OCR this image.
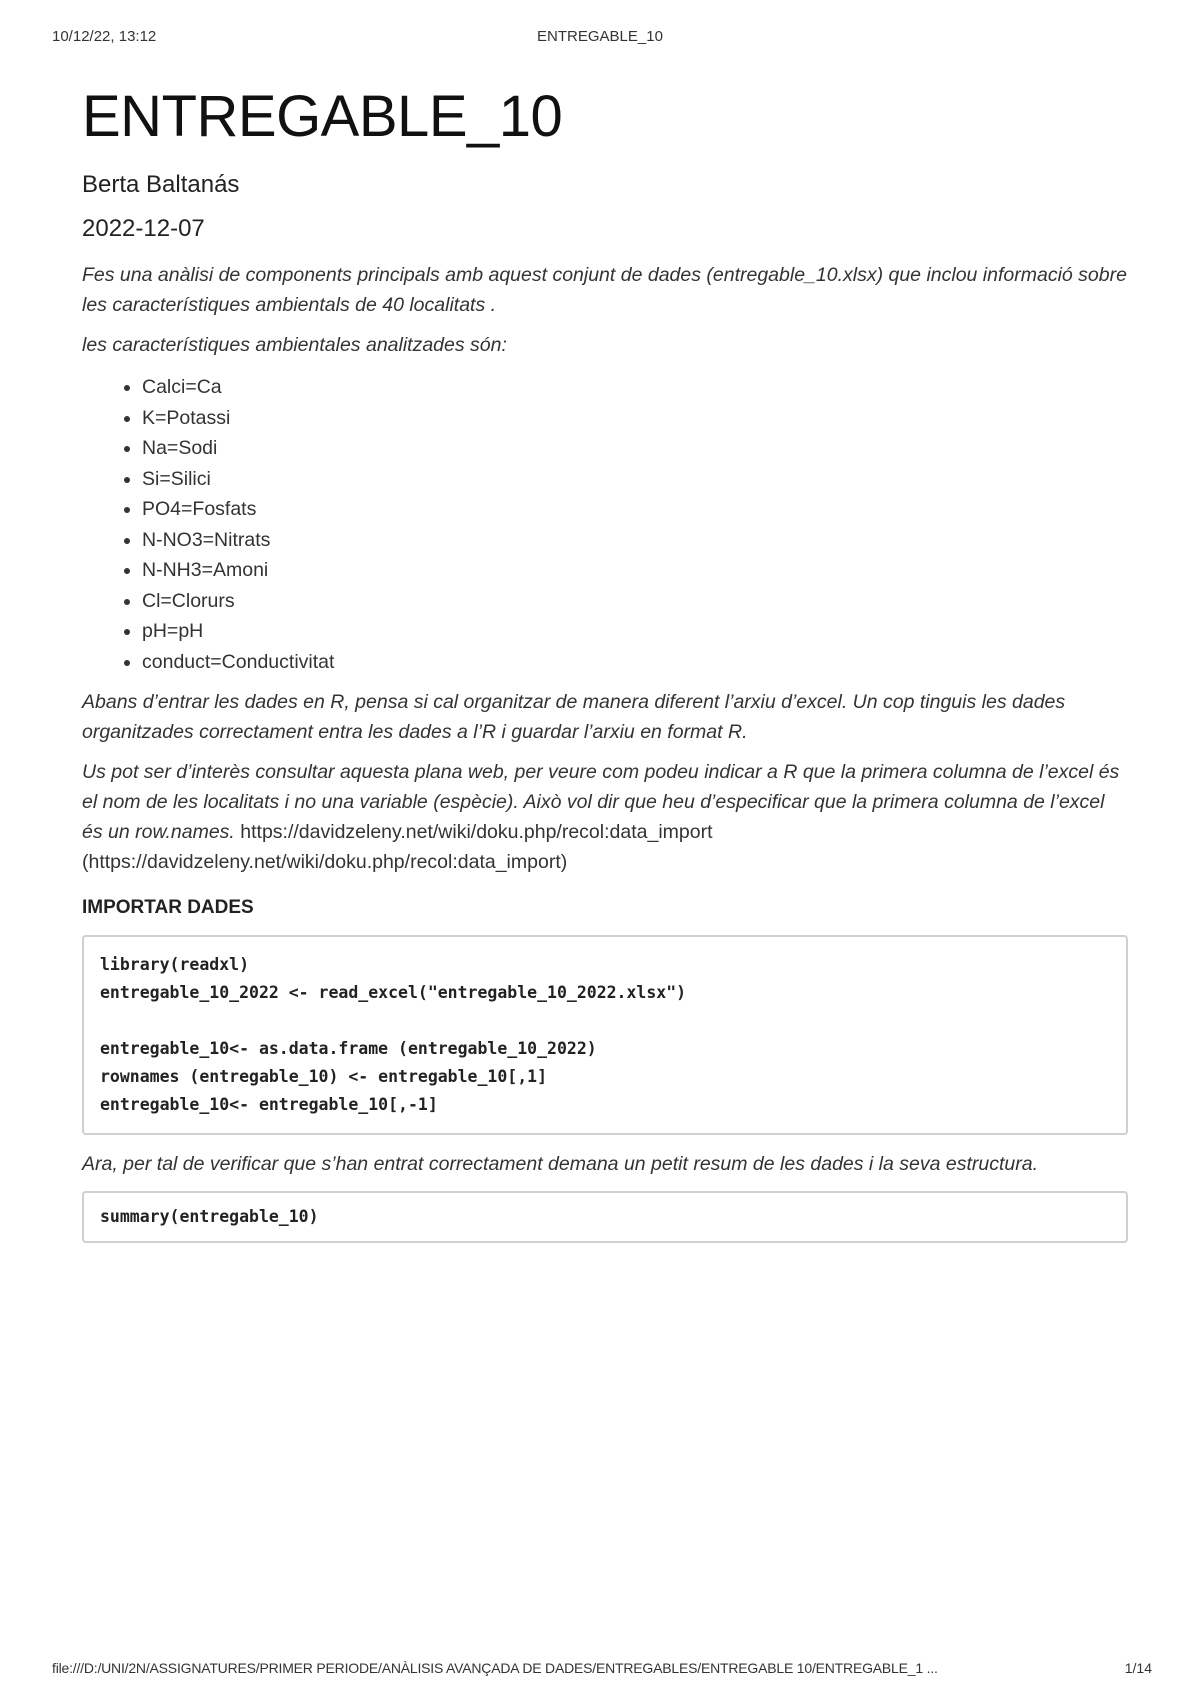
10/12/22, 13:12	ENTREGABLE_10
ENTREGABLE_10
Berta Baltanás
2022-12-07

Fes una anàlisi de components principals amb aquest conjunt de dades (entregable_10.xlsx) que inclou informació sobre les característiques ambientals de 40 localitats .

les característiques ambientales analitzades són:

• Calci=Ca
• K=Potassi
• Na=Sodi
• Si=Silici
• PO4=Fosfats
• N-NO3=Nitrats
• N-NH3=Amoni
• Cl=Clorurs
• pH=pH
• conduct=Conductivitat

Abans d’entrar les dades en R, pensa si cal organitzar de manera diferent l’arxiu d’excel. Un cop tinguis les dades organitzades correctament entra les dades a l’R i guardar l’arxiu en format R.

Us pot ser d’interès consultar aquesta plana web, per veure com podeu indicar a R que la primera columna de l’excel és el nom de les localitats i no una variable (espècie). Això vol dir que heu d’especificar que la primera columna de l’excel és un row.names. https://davidzeleny.net/wiki/doku.php/recol:data_import (https://davidzeleny.net/wiki/doku.php/recol:data_import)

IMPORTAR DADES
library(readxl)
entregable_10_2022 <- read_excel("entregable_10_2022.xlsx")
entregable_10<- as.data.frame (entregable_10_2022)
rownames (entregable_10) <- entregable_10[,1]
entregable_10<- entregable_10[,-1]

Ara, per tal de verificar que s’han entrat correctament demana un petit resum de les dades i la seva estructura.

summary(entregable_10)
file:///D:/UNI/2N/ASSIGNATURES/PRIMER PERIODE/ANÀLISIS AVANÇADA DE DADES/ENTREGABLES/ENTREGABLE 10/ENTREGABLE_1 ...	1/14
